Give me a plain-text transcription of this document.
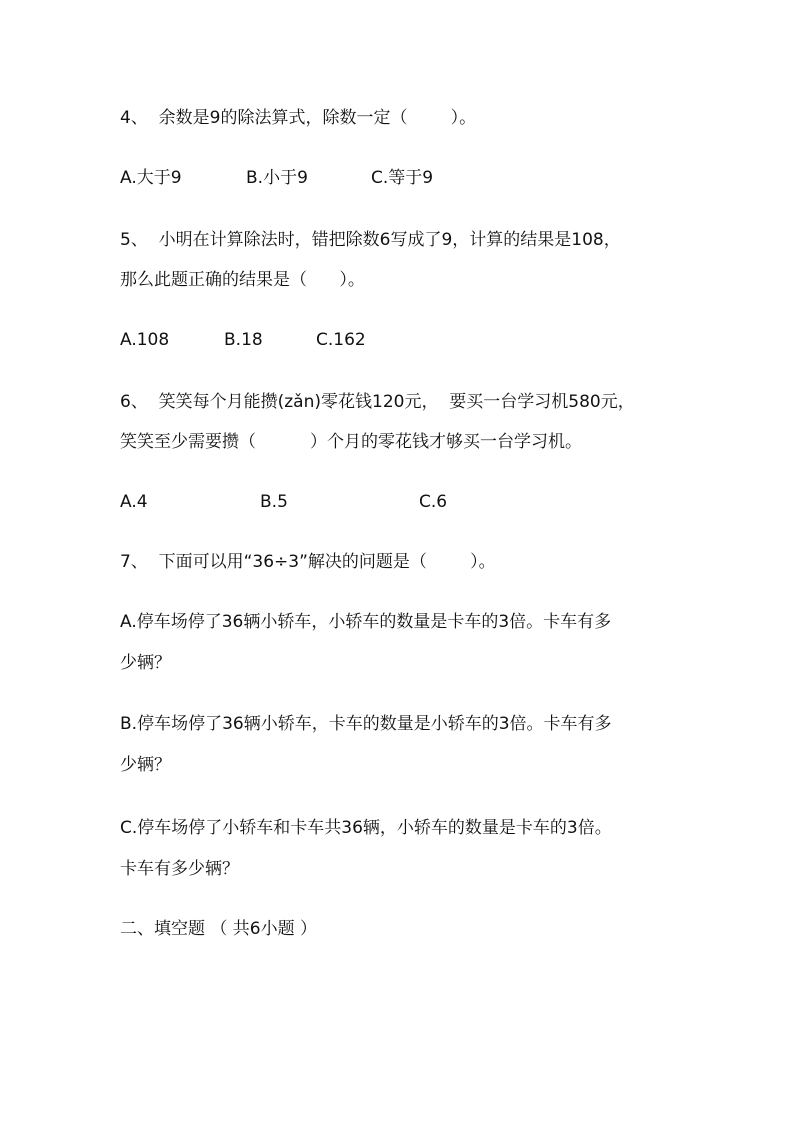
4、  余数是9的除法算式，除数一定（        ）。
A.大于9	B.小于9	C.等于9
5、  小明在计算除法时，错把除数6写成了9，计算的结果是108，
那么此题正确的结果是（      ）。
A.108	B.18	C.162
6、  笑笑每个月能攒(zǎn)零花钱120元，  要买一台学习机580元，
笑笑至少需要攒（          ）个月的零花钱才够买一台学习机。
A.4	B.5	C.6
7、  下面可以用“36÷3”解决的问题是（        ）。
A.停车场停了36辆小轿车，小轿车的数量是卡车的3倍。卡车有多
少辆？
B.停车场停了36辆小轿车，卡车的数量是小轿车的3倍。卡车有多
少辆？
C.停车场停了小轿车和卡车共36辆，小轿车的数量是卡车的3倍。
卡车有多少辆？
二、填空题 （ 共6小题 ）
